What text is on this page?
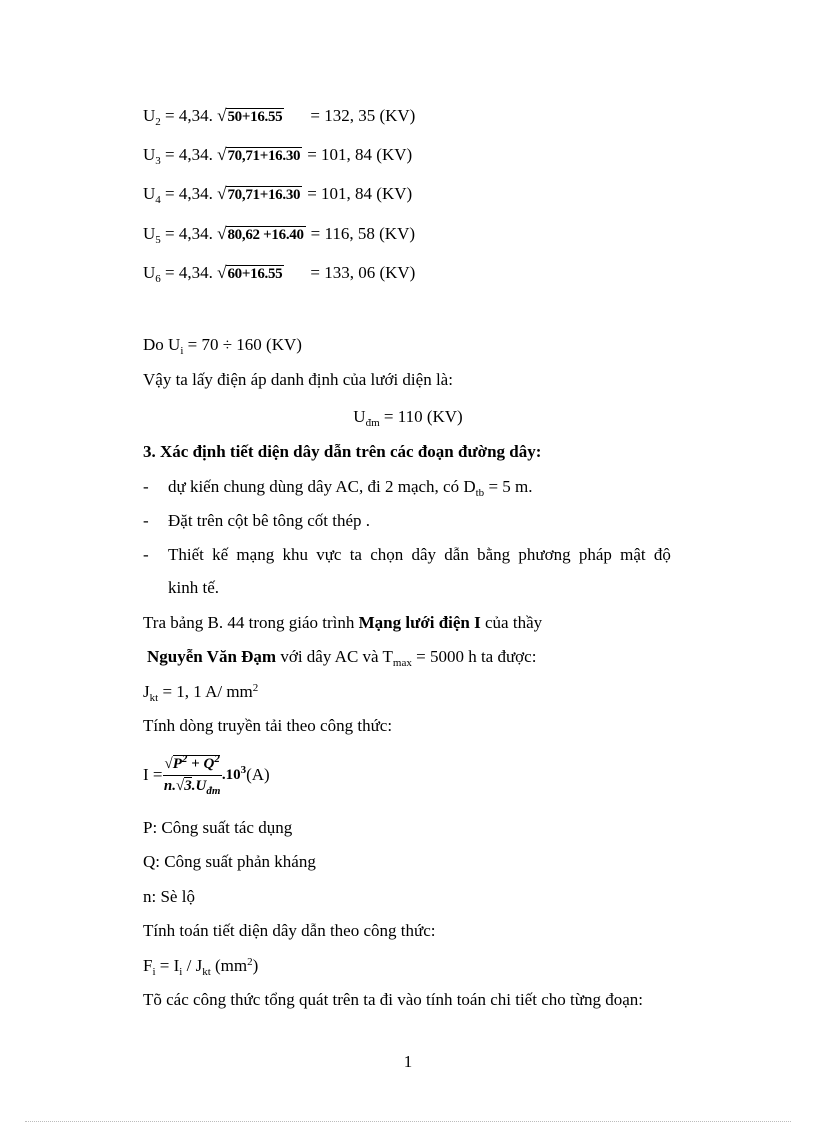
$U_2 = 4,34$. √50+16.55 = 132, 35 (KV)
$U_3 = 4,34$. √70,71+16.30 = 101, 84 (KV)
$U_4 = 4,34$. √70,71+16.30 = 101, 84 (KV)
$U_5 = 4,34$. √80,62 +16.40 = 116, 58 (KV)
$U_6 = 4,34$. √60+16.55 = 133, 06 (KV)
Do $U_i = 70 \div 160$ (KV)
Vậy ta lấy điện áp danh định của lưới diện là:
$U_{đm} = 110$ (KV)
3. Xác định tiết diện dây dẫn trên các đoạn đường dây:
- dự kiến chung dùng dây AC, đi 2 mạch, có $D_{tb} = 5$ m.
- Đặt trên cột bê tông cốt thép .
- Thiết kế mạng khu vực ta chọn dây dẫn bằng phương pháp mật độ
kinh tế.
Tra bảng B. 44 trong giáo trình Mạng lưới điện I của thầy
Nguyễn Văn Đạm với dây AC và $T_{max} = 5000$ h ta được:
$J_{kt} = 1$, 1 A/ $mm^2$
Tính dòng truyền tải theo công thức:
$I = \frac{√P^2 + Q^2}{n.√3.U_{đm}} .10^3$ (A)
P: Công suất tác dụng
Q: Công suất phản kháng
n: Sè lộ
Tính toán tiết diện dây dẫn theo công thức:
$F_i = I_i / J_{kt}$ $(mm^2)$
Tõ các công thức tổng quát trên ta đi vào tính toán chi tiết cho từng đoạn:
1
